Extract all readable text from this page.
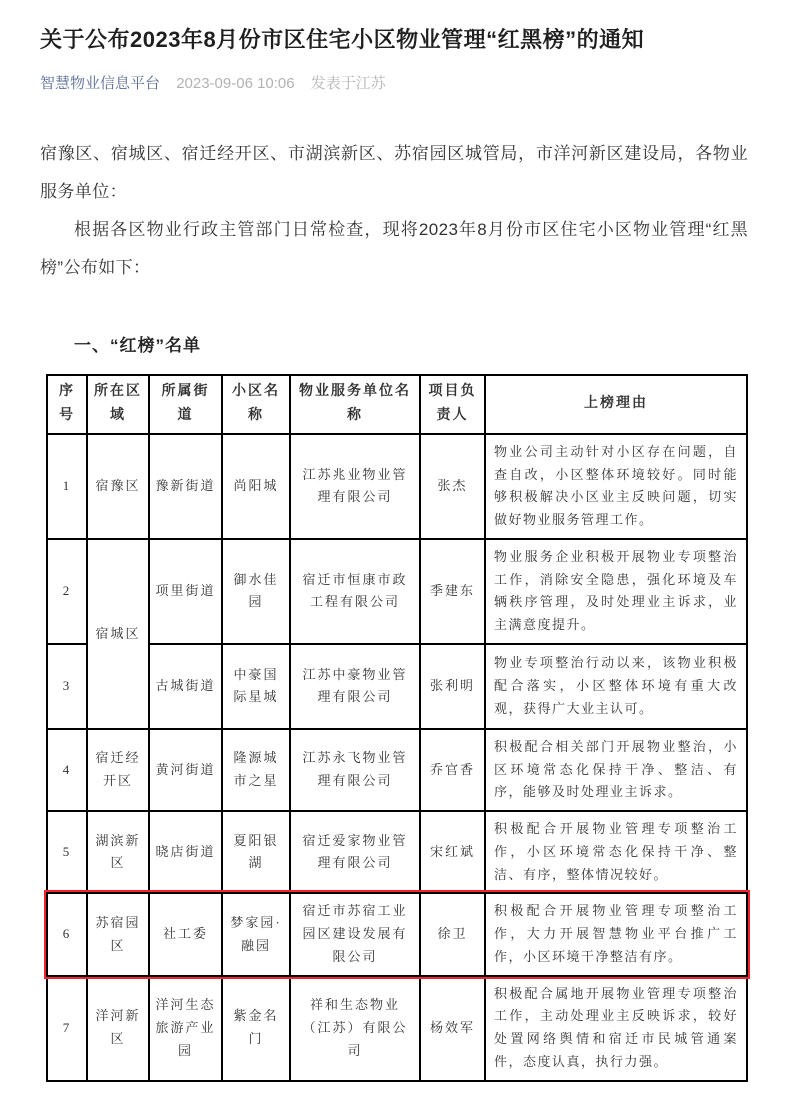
关于公布2023年8月份市区住宅小区物业管理“红黑榜”的通知
智慧物业信息平台 2023-09-06 10:06 发表于江苏

宿豫区、宿城区、宿迁经开区、市湖滨新区、苏宿园区城管局，市洋河新区建设局，各物业服务单位：

根据各区物业行政主管部门日常检查，现将2023年8月份市区住宅小区物业管理“红黑榜”公布如下：

一、“红榜”名单
序号	所在区域	所属街道	小区名称	物业服务单位名称	项目负责人	上榜理由
1	宿豫区	豫新街道	尚阳城	江苏兆业物业管理有限公司	张杰	物业公司主动针对小区存在问题，自查自改，小区整体环境较好。同时能够积极解决小区业主反映问题，切实做好物业服务管理工作。
2	宿城区	项里街道	御水佳园	宿迁市恒康市政工程有限公司	季建东	物业服务企业积极开展物业专项整治工作，消除安全隐患，强化环境及车辆秩序管理，及时处理业主诉求，业主满意度提升。
3		古城街道	中豪国际星城	江苏中豪物业管理有限公司	张利明	物业专项整治行动以来，该物业积极配合落实，小区整体环境有重大改观，获得广大业主认可。
4	宿迁经开区	黄河街道	隆源城市之星	江苏永飞物业管理有限公司	乔官香	积极配合相关部门开展物业整治，小区环境常态化保持干净、整洁、有序，能够及时处理业主诉求。
5	湖滨新区	晓店街道	夏阳银湖	宿迁爱家物业管理有限公司	宋红斌	积极配合开展物业管理专项整治工作，小区环境常态化保持干净、整洁、有序，整体情况较好。
6	苏宿园区	社工委	梦家园·融园	宿迁市苏宿工业园区建设发展有限公司	徐卫	积极配合开展物业管理专项整治工作，大力开展智慧物业平台推广工作，小区环境干净整洁有序。
7	洋河新区	洋河生态旅游产业园	紫金名门	祥和生态物业（江苏）有限公司	杨效军	积极配合属地开展物业管理专项整治工作，主动处理业主反映诉求，较好处置网络舆情和宿迁市民城管通案件，态度认真，执行力强。
